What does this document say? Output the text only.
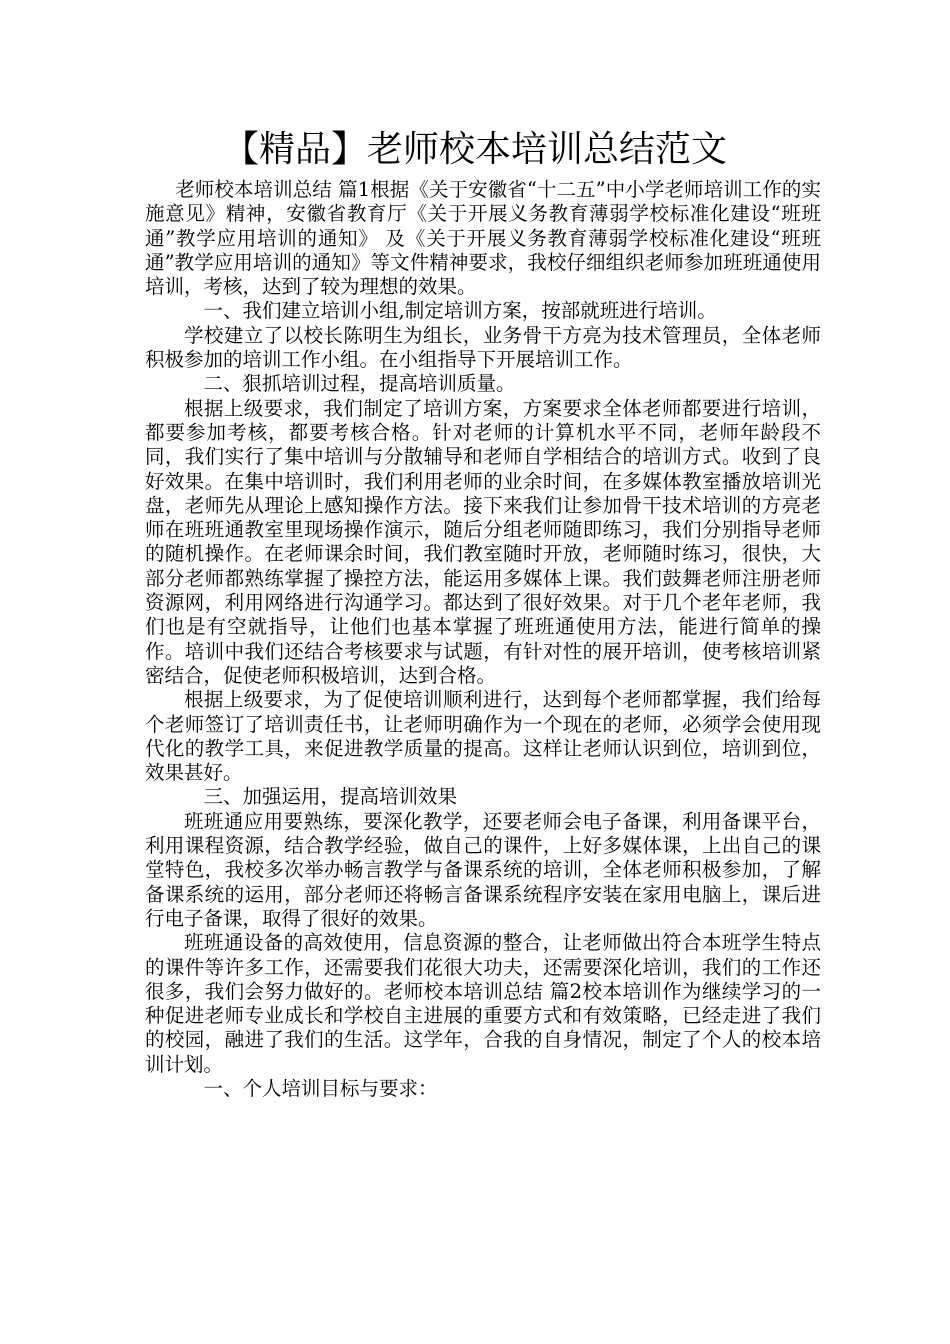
【精品】老师校本培训总结范文

老师校本培训总结 篇1根据《关于安徽省“十二五”中小学老师培训工作的实施意见》精神，安徽省教育厅《关于开展义务教育薄弱学校标准化建设“班班通”教学应用培训的通知》 及《关于开展义务教育薄弱学校标准化建设“班班通”教学应用培训的通知》等文件精神要求，我校仔细组织老师参加班班通使用培训，考核，达到了较为理想的效果。

一、我们建立培训小组,制定培训方案，按部就班进行培训。

学校建立了以校长陈明生为组长，业务骨干方亮为技术管理员，全体老师积极参加的培训工作小组。在小组指导下开展培训工作。

二、狠抓培训过程，提高培训质量。

根据上级要求，我们制定了培训方案，方案要求全体老师都要进行培训，都要参加考核，都要考核合格。针对老师的计算机水平不同，老师年龄段不同，我们实行了集中培训与分散辅导和老师自学相结合的培训方式。收到了良好效果。在集中培训时，我们利用老师的业余时间，在多媒体教室播放培训光盘，老师先从理论上感知操作方法。接下来我们让参加骨干技术培训的方亮老师在班班通教室里现场操作演示，随后分组老师随即练习，我们分别指导老师的随机操作。在老师课余时间，我们教室随时开放，老师随时练习，很快，大部分老师都熟练掌握了操控方法，能运用多媒体上课。我们鼓舞老师注册老师资源网，利用网络进行沟通学习。都达到了很好效果。对于几个老年老师，我们也是有空就指导，让他们也基本掌握了班班通使用方法，能进行简单的操作。培训中我们还结合考核要求与试题，有针对性的展开培训，使考核培训紧密结合，促使老师积极培训，达到合格。

根据上级要求，为了促使培训顺利进行，达到每个老师都掌握，我们给每个老师签订了培训责任书，让老师明确作为一个现在的老师，必须学会使用现代化的教学工具，来促进教学质量的提高。这样让老师认识到位，培训到位，效果甚好。

三、加强运用，提高培训效果

班班通应用要熟练，要深化教学，还要老师会电子备课，利用备课平台，利用课程资源，结合教学经验，做自己的课件，上好多媒体课，上出自己的课堂特色，我校多次举办畅言教学与备课系统的培训，全体老师积极参加，了解备课系统的运用，部分老师还将畅言备课系统程序安装在家用电脑上，课后进行电子备课，取得了很好的效果。

班班通设备的高效使用，信息资源的整合，让老师做出符合本班学生特点的课件等许多工作，还需要我们花很大功夫，还需要深化培训，我们的工作还很多，我们会努力做好的。老师校本培训总结 篇2校本培训作为继续学习的一种促进老师专业成长和学校自主进展的重要方式和有效策略，已经走进了我们的校园，融进了我们的生活。这学年，合我的自身情况，制定了个人的校本培训计划。

一、个人培训目标与要求：
